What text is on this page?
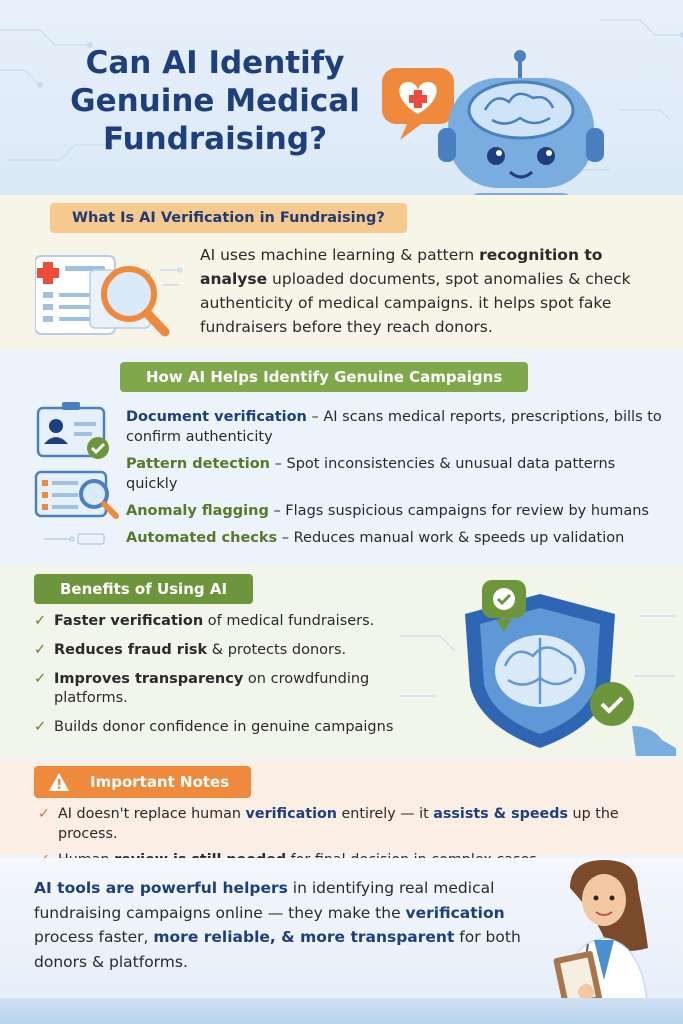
Can AI Identify
Genuine Medical
Fundraising?
What Is AI Verification in Fundraising?
AI uses machine learning & pattern recognition to analyse uploaded documents, spot anomalies & check authenticity of medical campaigns. it helps spot fake fundraisers before they reach donors.
How AI Helps Identify Genuine Campaigns
Document verification – AI scans medical reports, prescriptions, bills to confirm authenticity
Pattern detection – Spot inconsistencies & unusual data patterns quickly
Anomaly flagging – Flags suspicious campaigns for review by humans
Automated checks – Reduces manual work & speeds up validation
Benefits of Using AI
✓ Faster verification of medical fundraisers.
✓ Reduces fraud risk & protects donors.
✓ Improves transparency on crowdfunding platforms.
✓ Builds donor confidence in genuine campaigns
Important Notes
✓ AI doesn't replace human verification entirely — it assists & speeds up the process.
AI tools are powerful helpers in identifying real medical fundraising campaigns online — they make the verification process faster, more reliable, & more transparent for both donors & platforms.
